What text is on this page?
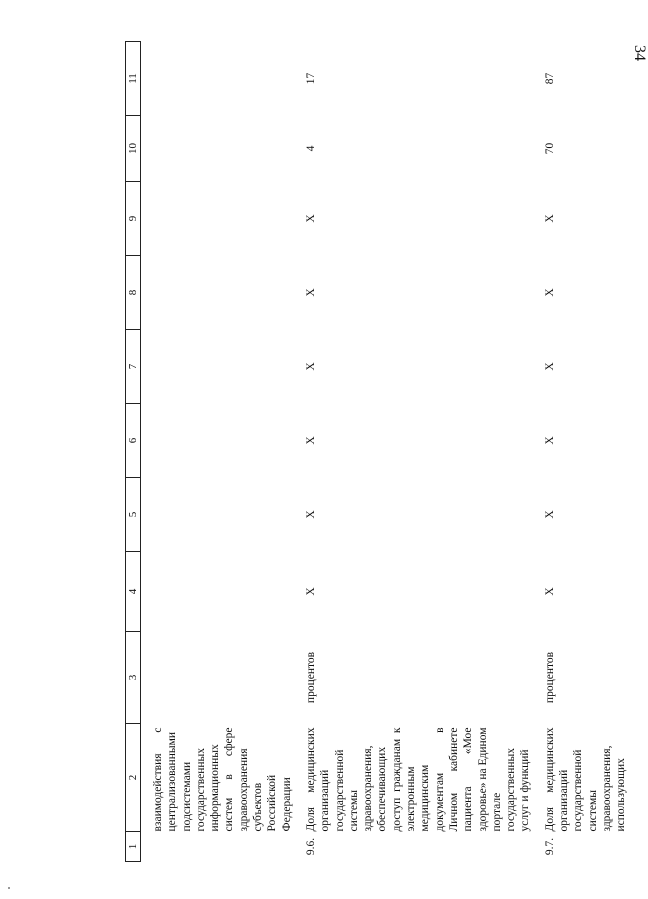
34
1	2	3	4	5	6	7	8	9	10	11
	взаимодействия с централизованными подсистемами государственных информационных систем в сфере здравоохранения субъектов Российской Федерации									
9.6.	Доля медицинских организаций государственной системы здравоохранения, обеспечивающих доступ гражданам к электронным медицинским документам в Личном кабинете пациента «Мое здоровье» на Едином портале государственных услуг и функций	процентов	X	X	X	X	X	X	4	17
9.7.	Доля медицинских организаций государственной системы здравоохранения, использующих	процентов	X	X	X	X	X	X	70	87
